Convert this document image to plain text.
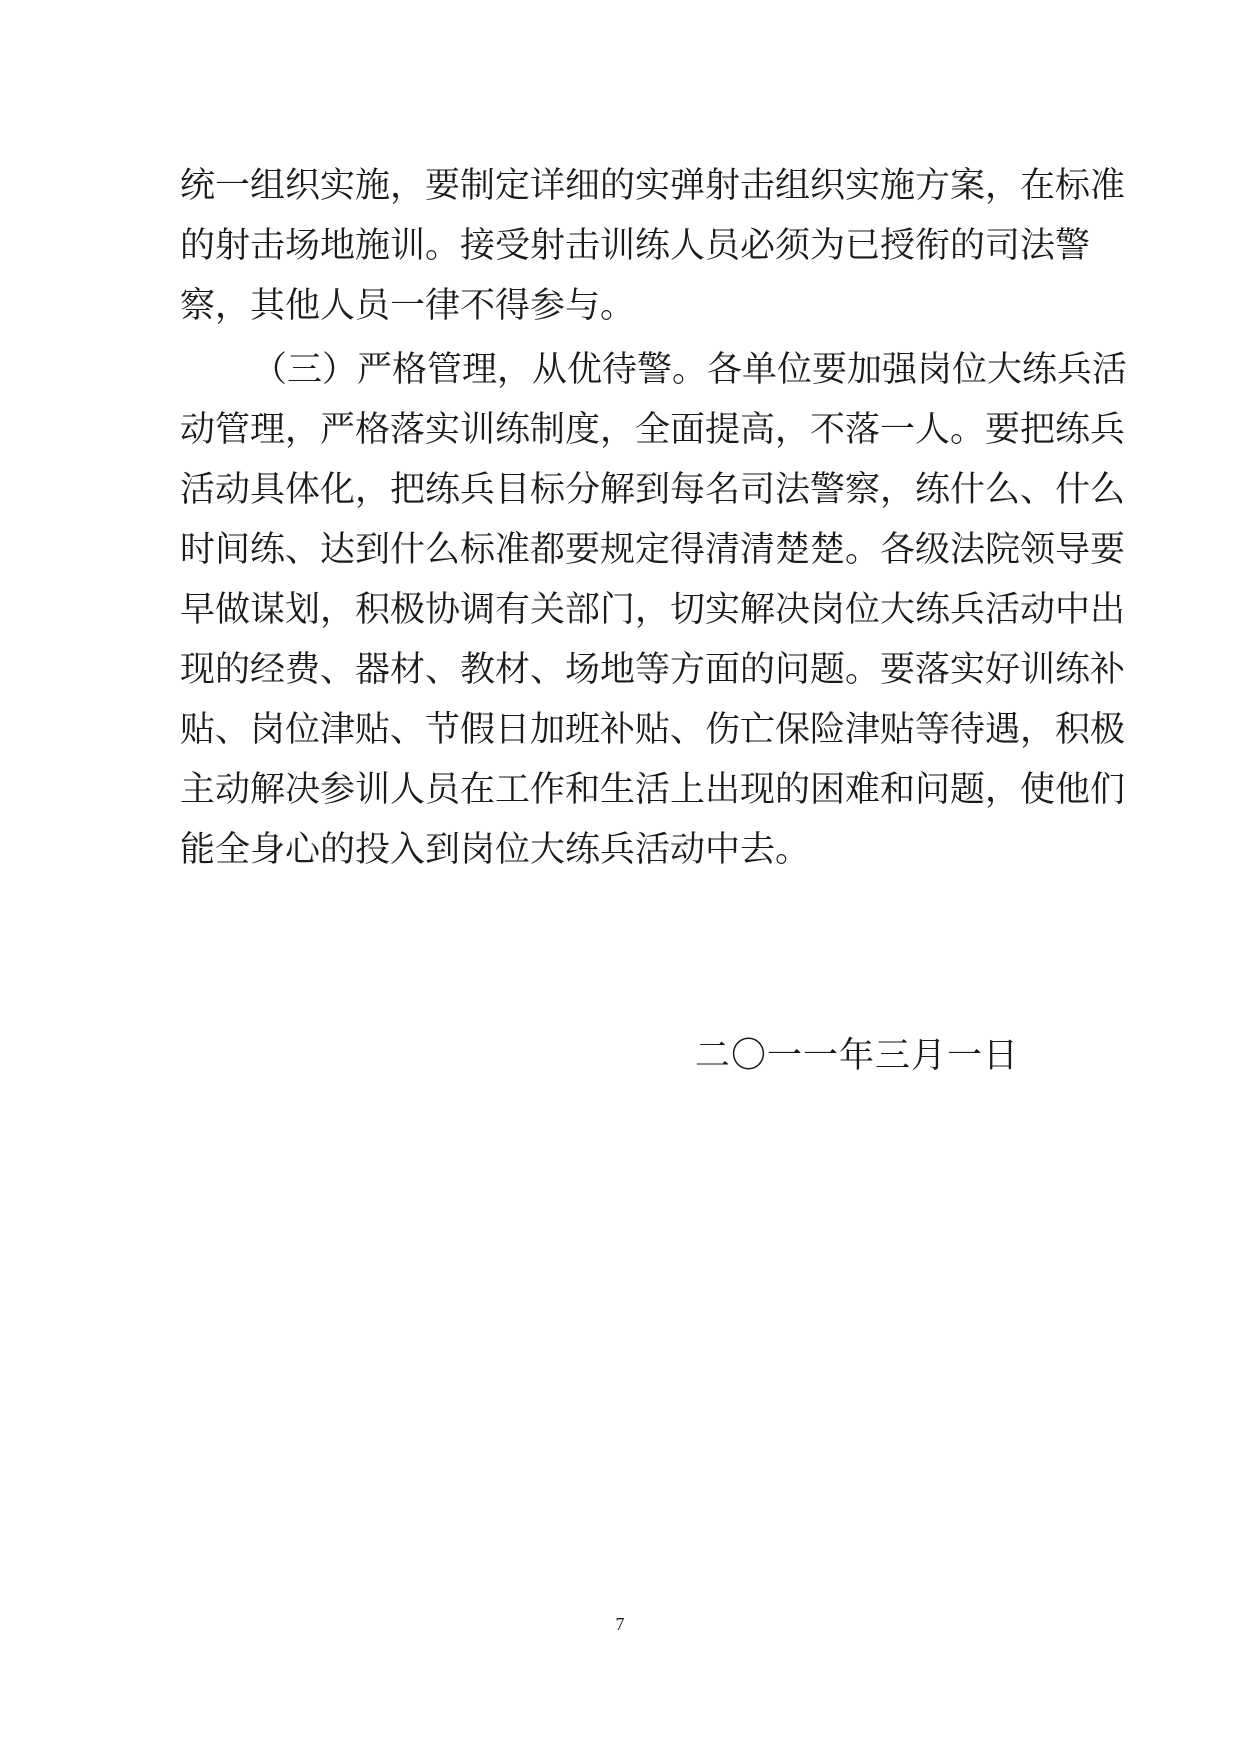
统一组织实施，要制定详细的实弹射击组织实施方案，在标准
的射击场地施训。接受射击训练人员必须为已授衔的司法警
察，其他人员一律不得参与。
（三）严格管理，从优待警。各单位要加强岗位大练兵活
动管理，严格落实训练制度，全面提高，不落一人。要把练兵
活动具体化，把练兵目标分解到每名司法警察，练什么、什么
时间练、达到什么标准都要规定得清清楚楚。各级法院领导要
早做谋划，积极协调有关部门，切实解决岗位大练兵活动中出
现的经费、器材、教材、场地等方面的问题。要落实好训练补
贴、岗位津贴、节假日加班补贴、伤亡保险津贴等待遇，积极
主动解决参训人员在工作和生活上出现的困难和问题，使他们
能全身心的投入到岗位大练兵活动中去。
二〇一一年三月一日
7
